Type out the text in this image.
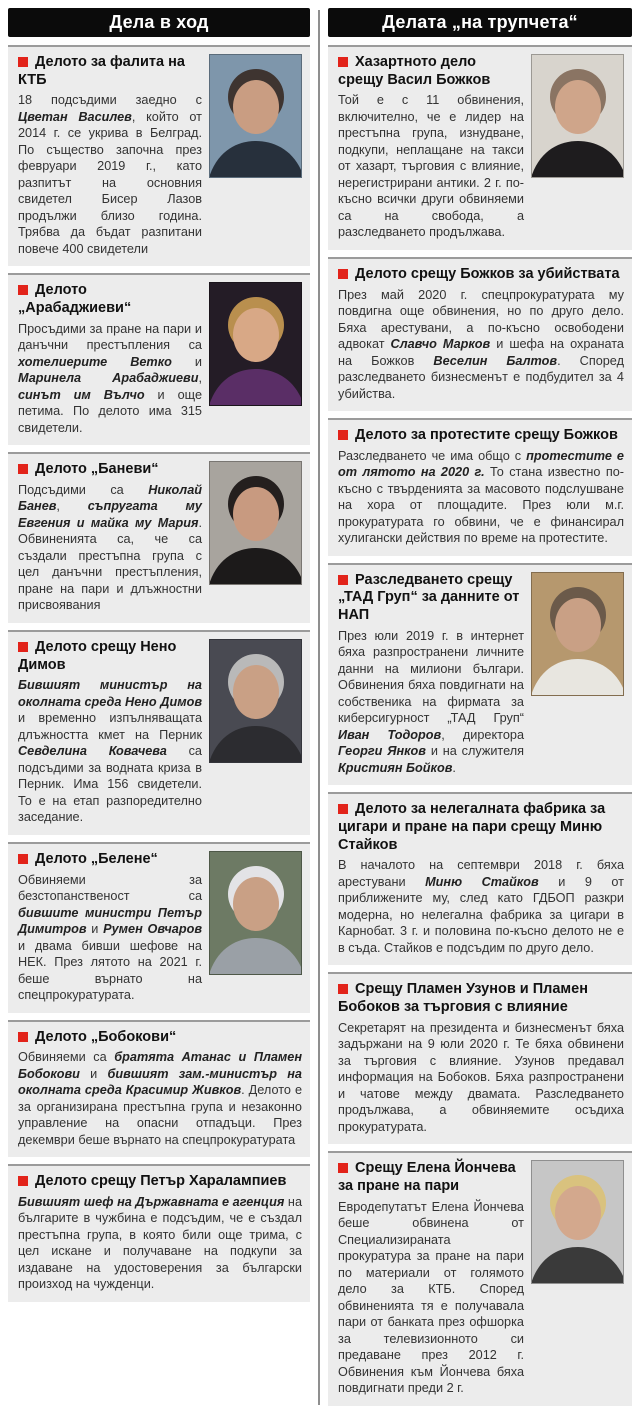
Дела в ход
Делото за фалита на КТБ

18 подсъдими заедно с Цветан Василев, който от 2014 г. се укрива в Белград. По същество започна през февруари 2019 г., като разпитът на основния свидетел Бисер Лазов продължи близо година. Трябва да бъдат разпитани повече 400 свидетели

Делото „Арабаджиеви“

Просъдими за пране на пари и данъчни престъпления са хотелиерите Ветко и Маринела Арабаджиеви, синът им Вълчо и още петима. По делото има 315 свидетели.

Делото „Баневи“

Подсъдими са Николай Банев, съпругата му Евгения и майка му Мария. Обвиненията са, че са създали престъпна група с цел данъчни престъпления, пране на пари и длъжностни присвоявания

Делото срещу Нено Димов

Бившият министър на околната среда Нено Димов и временно изпълняващата длъжността кмет на Перник Севделина Ковачева са подсъдими за водната криза в Перник. Има 156 свидетели. То е на етап разпоредително заседание.

Делото „Белене“

Обвиняеми за безстопанственост са бившите министри Петър Димитров и Румен Овчаров и двама бивши шефове на НЕК. През лятото на 2021 г. беше върнато на спецпрокуратурата.

Делото „Бобокови“

Обвиняеми са братята Атанас и Пламен Бобокови и бившият зам.-министър на околната среда Красимир Живков. Делото е за организирана престъпна група и незаконно управление на опасни отпадъци. През декември беше върнато на спецпрокуратурата

Делото срещу Петър Харалампиев

Бившият шеф на Държавната е агенция на българите в чужбина е подсъдим, че е създал престъпна група, в която били още трима, с цел искане и получаване на подкупи за издаване на удостоверения за български произход на чужденци.

Делата „на трупчета“
Хазартното дело срещу Васил Божков

Той е с 11 обвинения, включително, че е лидер на престъпна група, изнудване, подкупи, неплащане на такси от хазарт, търговия с влияние, нерегистрирани антики. 2 г. по-късно всички други обвиняеми са на свобода, а разследването продължава.

Делото срещу Божков за убийствата

През май 2020 г. спецпрокуратурата му повдигна още обвинения, но по друго дело. Бяха арестувани, а по-късно освободени адвокат Славчо Марков и шефа на охраната на Божков Веселин Балтов. Според разследването бизнесменът е подбудител за 4 убийства.

Делото за протестите срещу Божков

Разследването че има общо с протестите е от лятото на 2020 г. То стана известно по-късно с твърденията за масовото подслушване на хора от площадите. През юли м.г. прокуратурата го обвини, че е финансирал хулигански действия по време на протестите.

Разследването срещу „ТАД Груп“ за данните от НАП

През юли 2019 г. в интернет бяха разпространени личните данни на милиони българи. Обвинения бяха повдигнати на собственика на фирмата за киберсигурност „ТАД Груп“ Иван Тодоров, директора Георги Янков и на служителя Кристиян Бойков.

Делото за нелегалната фабрика за цигари и пране на пари срещу Миню Стайков

В началото на септември 2018 г. бяха арестувани Миню Стайков и 9 от приближените му, след като ГДБОП разкри модерна, но нелегална фабрика за цигари в Карнобат. 3 г. и половина по-късно делото не е в съда. Стайков е подсъдим по друго дело.

Срещу Пламен Узунов и Пламен Бобоков за търговия с влияние

Секретарят на президента и бизнесменът бяха задържани на 9 юли 2020 г. Те бяха обвинени за търговия с влияние. Узунов предавал информация на Бобоков. Бяха разпространени и чатове между двамата. Разследването продължава, а обвиняемите осъдиха прокуратурата.

Срещу Елена Йончева за пране на пари

Евродепутатът Елена Йончева беше обвинена от Специализираната прокуратура за пране на пари по материали от голямото дело за КТБ. Според обвиненията тя е получавала пари от банката през офшорка за телевизионното си предаване през 2012 г. Обвинения към Йончева бяха повдигнати преди 2 г.
